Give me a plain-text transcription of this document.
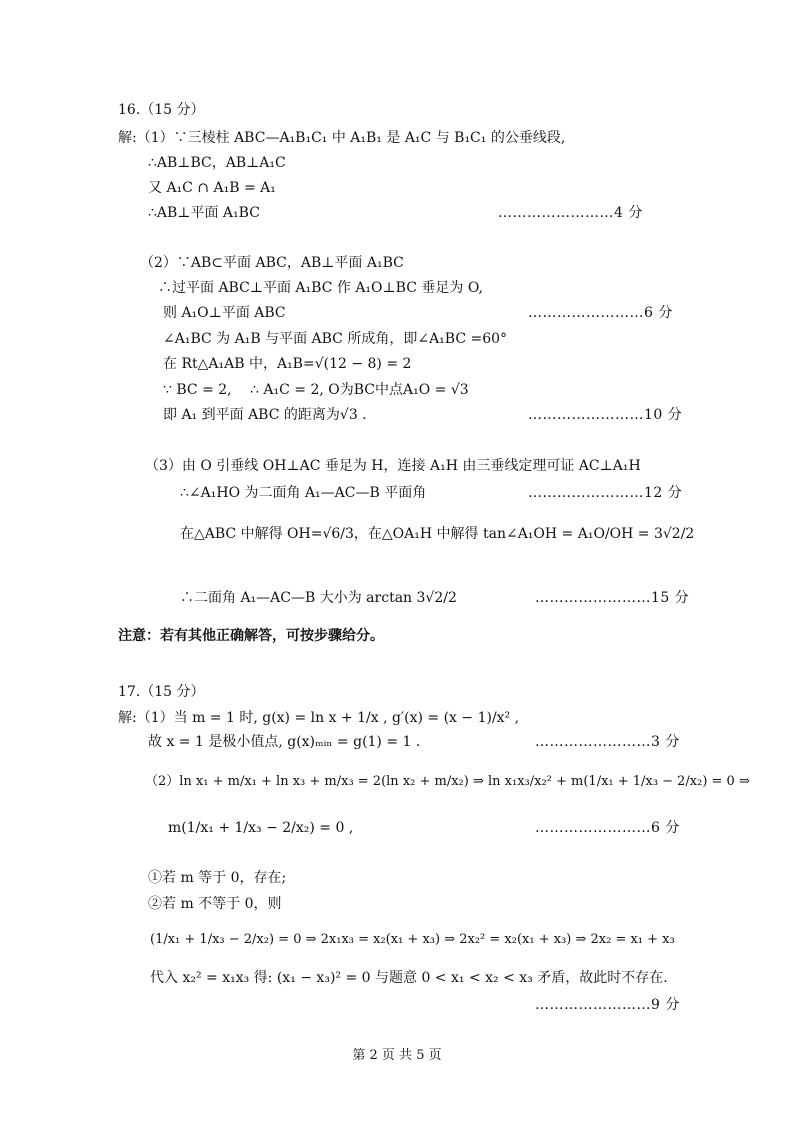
16.（15 分）
解:（1）∵三棱柱 ABC—A₁B₁C₁ 中 A₁B₁ 是 A₁C 与 B₁C₁ 的公垂线段,
∴AB⊥BC，AB⊥A₁C
又 A₁C ∩ A₁B = A₁
∴AB⊥平面 A₁BC	……………………4 分
（2）∵AB⊂平面 ABC，AB⊥平面 A₁BC
∴过平面 ABC⊥平面 A₁BC 作 A₁O⊥BC 垂足为 O,
则 A₁O⊥平面 ABC	……………………6 分
∠A₁BC 为 A₁B 与平面 ABC 所成角，即∠A₁BC =60°
在 Rt△A₁AB 中，A₁B=√(12 − 8) = 2
∵ BC = 2,　 ∴ A₁C = 2, O为BC中点A₁O = √3
即 A₁ 到平面 ABC 的距离为√3 .	……………………10 分
（3）由 O 引垂线 OH⊥AC 垂足为 H，连接 A₁H 由三垂线定理可证 AC⊥A₁H
∴∠A₁HO 为二面角 A₁—AC—B 平面角	……………………12 分
在△ABC 中解得 OH=√6/3，在△OA₁H 中解得 tan∠A₁OH = A₁O/OH = 3√2/2
∴二面角 A₁—AC—B 大小为 arctan 3√2/2	……………………15 分
注意：若有其他正确解答，可按步骤给分。
17.（15 分）
解:（1）当 m = 1 时, g(x) = ln x + 1/x , g′(x) = (x − 1)/x² ,
故 x = 1 是极小值点, g(x)ₘᵢₙ = g(1) = 1 .	……………………3 分
（2）ln x₁ + m/x₁ + ln x₃ + m/x₃ = 2(ln x₂ + m/x₂) ⇒ ln x₁x₃/x₂² + m(1/x₁ + 1/x₃ − 2/x₂) = 0 ⇒
m(1/x₁ + 1/x₃ − 2/x₂) = 0 ,	……………………6 分
①若 m 等于 0，存在;
②若 m 不等于 0，则
(1/x₁ + 1/x₃ − 2/x₂) = 0 ⇒ 2x₁x₃ = x₂(x₁ + x₃) ⇒ 2x₂² = x₂(x₁ + x₃) ⇒ 2x₂ = x₁ + x₃
代入 x₂² = x₁x₃ 得: (x₁ − x₃)² = 0 与题意 0 < x₁ < x₂ < x₃ 矛盾，故此时不存在.
……………………9 分
第 2 页 共 5 页
